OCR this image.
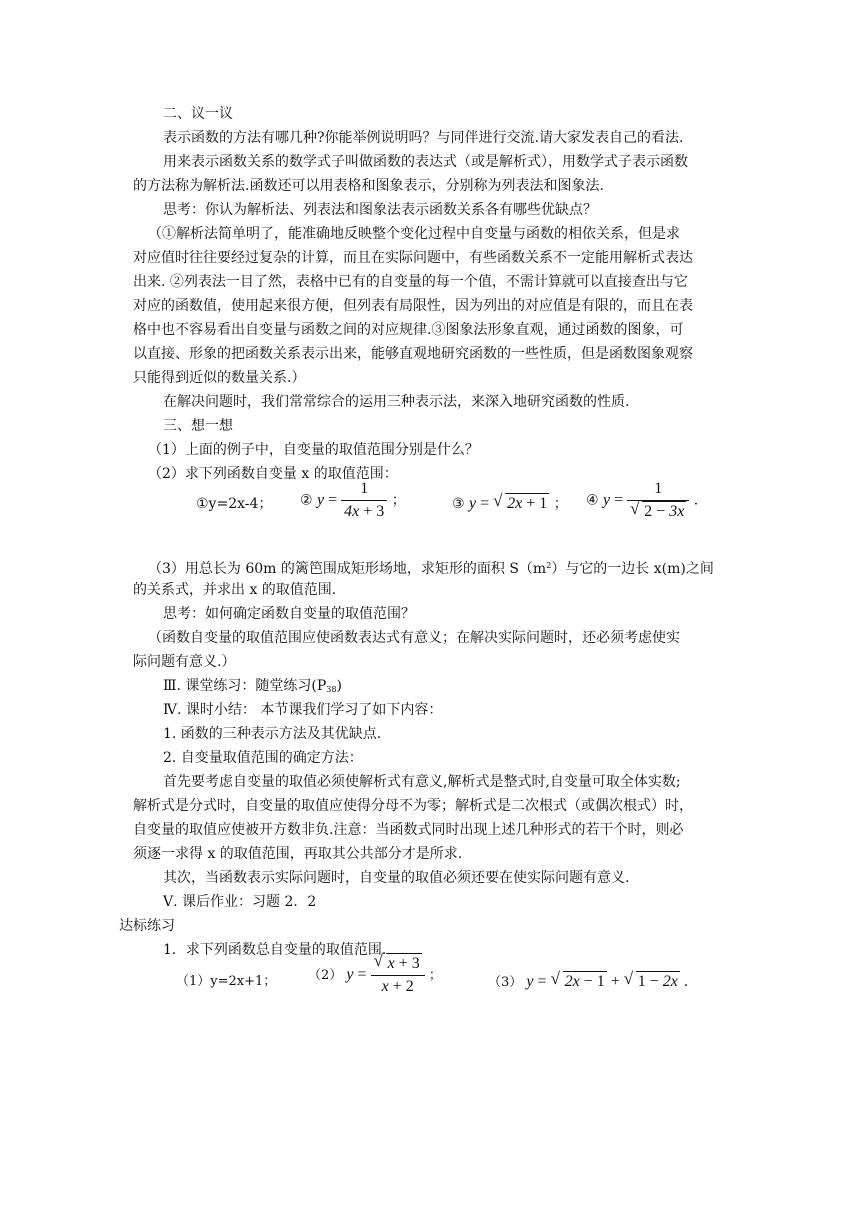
二、议一议
表示函数的方法有哪几种?你能举例说明吗？与同伴进行交流.请大家发表自己的看法.
用来表示函数关系的数学式子叫做函数的表达式（或是解析式），用数学式子表示函数
的方法称为解析法.函数还可以用表格和图象表示，分别称为列表法和图象法.
思考：你认为解析法、列表法和图象法表示函数关系各有哪些优缺点？
（①解析法简单明了，能准确地反映整个变化过程中自变量与函数的相依关系，但是求
对应值时往往要经过复杂的计算，而且在实际问题中，有些函数关系不一定能用解析式表达
出来. ②列表法一目了然，表格中已有的自变量的每一个值，不需计算就可以直接查出与它
对应的函数值，使用起来很方便，但列表有局限性，因为列出的对应值是有限的，而且在表
格中也不容易看出自变量与函数之间的对应规律.③图象法形象直观，通过函数的图象，可
以直接、形象的把函数关系表示出来，能够直观地研究函数的一些性质，但是函数图象观察
只能得到近似的数量关系.）
在解决问题时，我们常常综合的运用三种表示法，来深入地研究函数的性质.
三、想一想
（1）上面的例子中，自变量的取值范围分别是什么？
（2）求下列函数自变量 x 的取值范围：
①y=2x-4； ② $y = \frac{1}{4x + 3}$ ；	③ y = √ 2x + 1 ； ④ y = 1
√ 2 − 3x .
（3）用总长为 60m 的篱笆围成矩形场地，求矩形的面积 $S(m^2)$与它的一边长 x(m)之间
的关系式，并求出 x 的取值范围.
思考：如何确定函数自变量的取值范围？
（函数自变量的取值范围应使函数表达式有意义；在解决实际问题时，还必须考虑使实
际问题有意义.）
Ⅲ. 课堂练习：随堂练习$(P_{38})$
Ⅳ. 课时小结： 本节课我们学习了如下内容：
1. 函数的三种表示方法及其优缺点.
2. 自变量取值范围的确定方法：
首先要考虑自变量的取值必须使解析式有意义,解析式是整式时,自变量可取全体实数;
解析式是分式时，自变量的取值应使得分母不为零；解析式是二次根式（或偶次根式）时，
自变量的取值应使被开方数非负.注意：当函数式同时出现上述几种形式的若干个时，则必
须逐一求得 x 的取值范围，再取其公共部分才是所求.
其次，当函数表示实际问题时，自变量的取值必须还要在使实际问题有意义.
Ⅴ. 课后作业：习题 2．2
达标练习
1．求下列函数总自变量的取值范围.
（1）y=2x+1； （2） y =
√ $\frac{x + 3}{x + 2}$ ；	（3） y = √ 2x − 1 + √ 1 − 2x .
